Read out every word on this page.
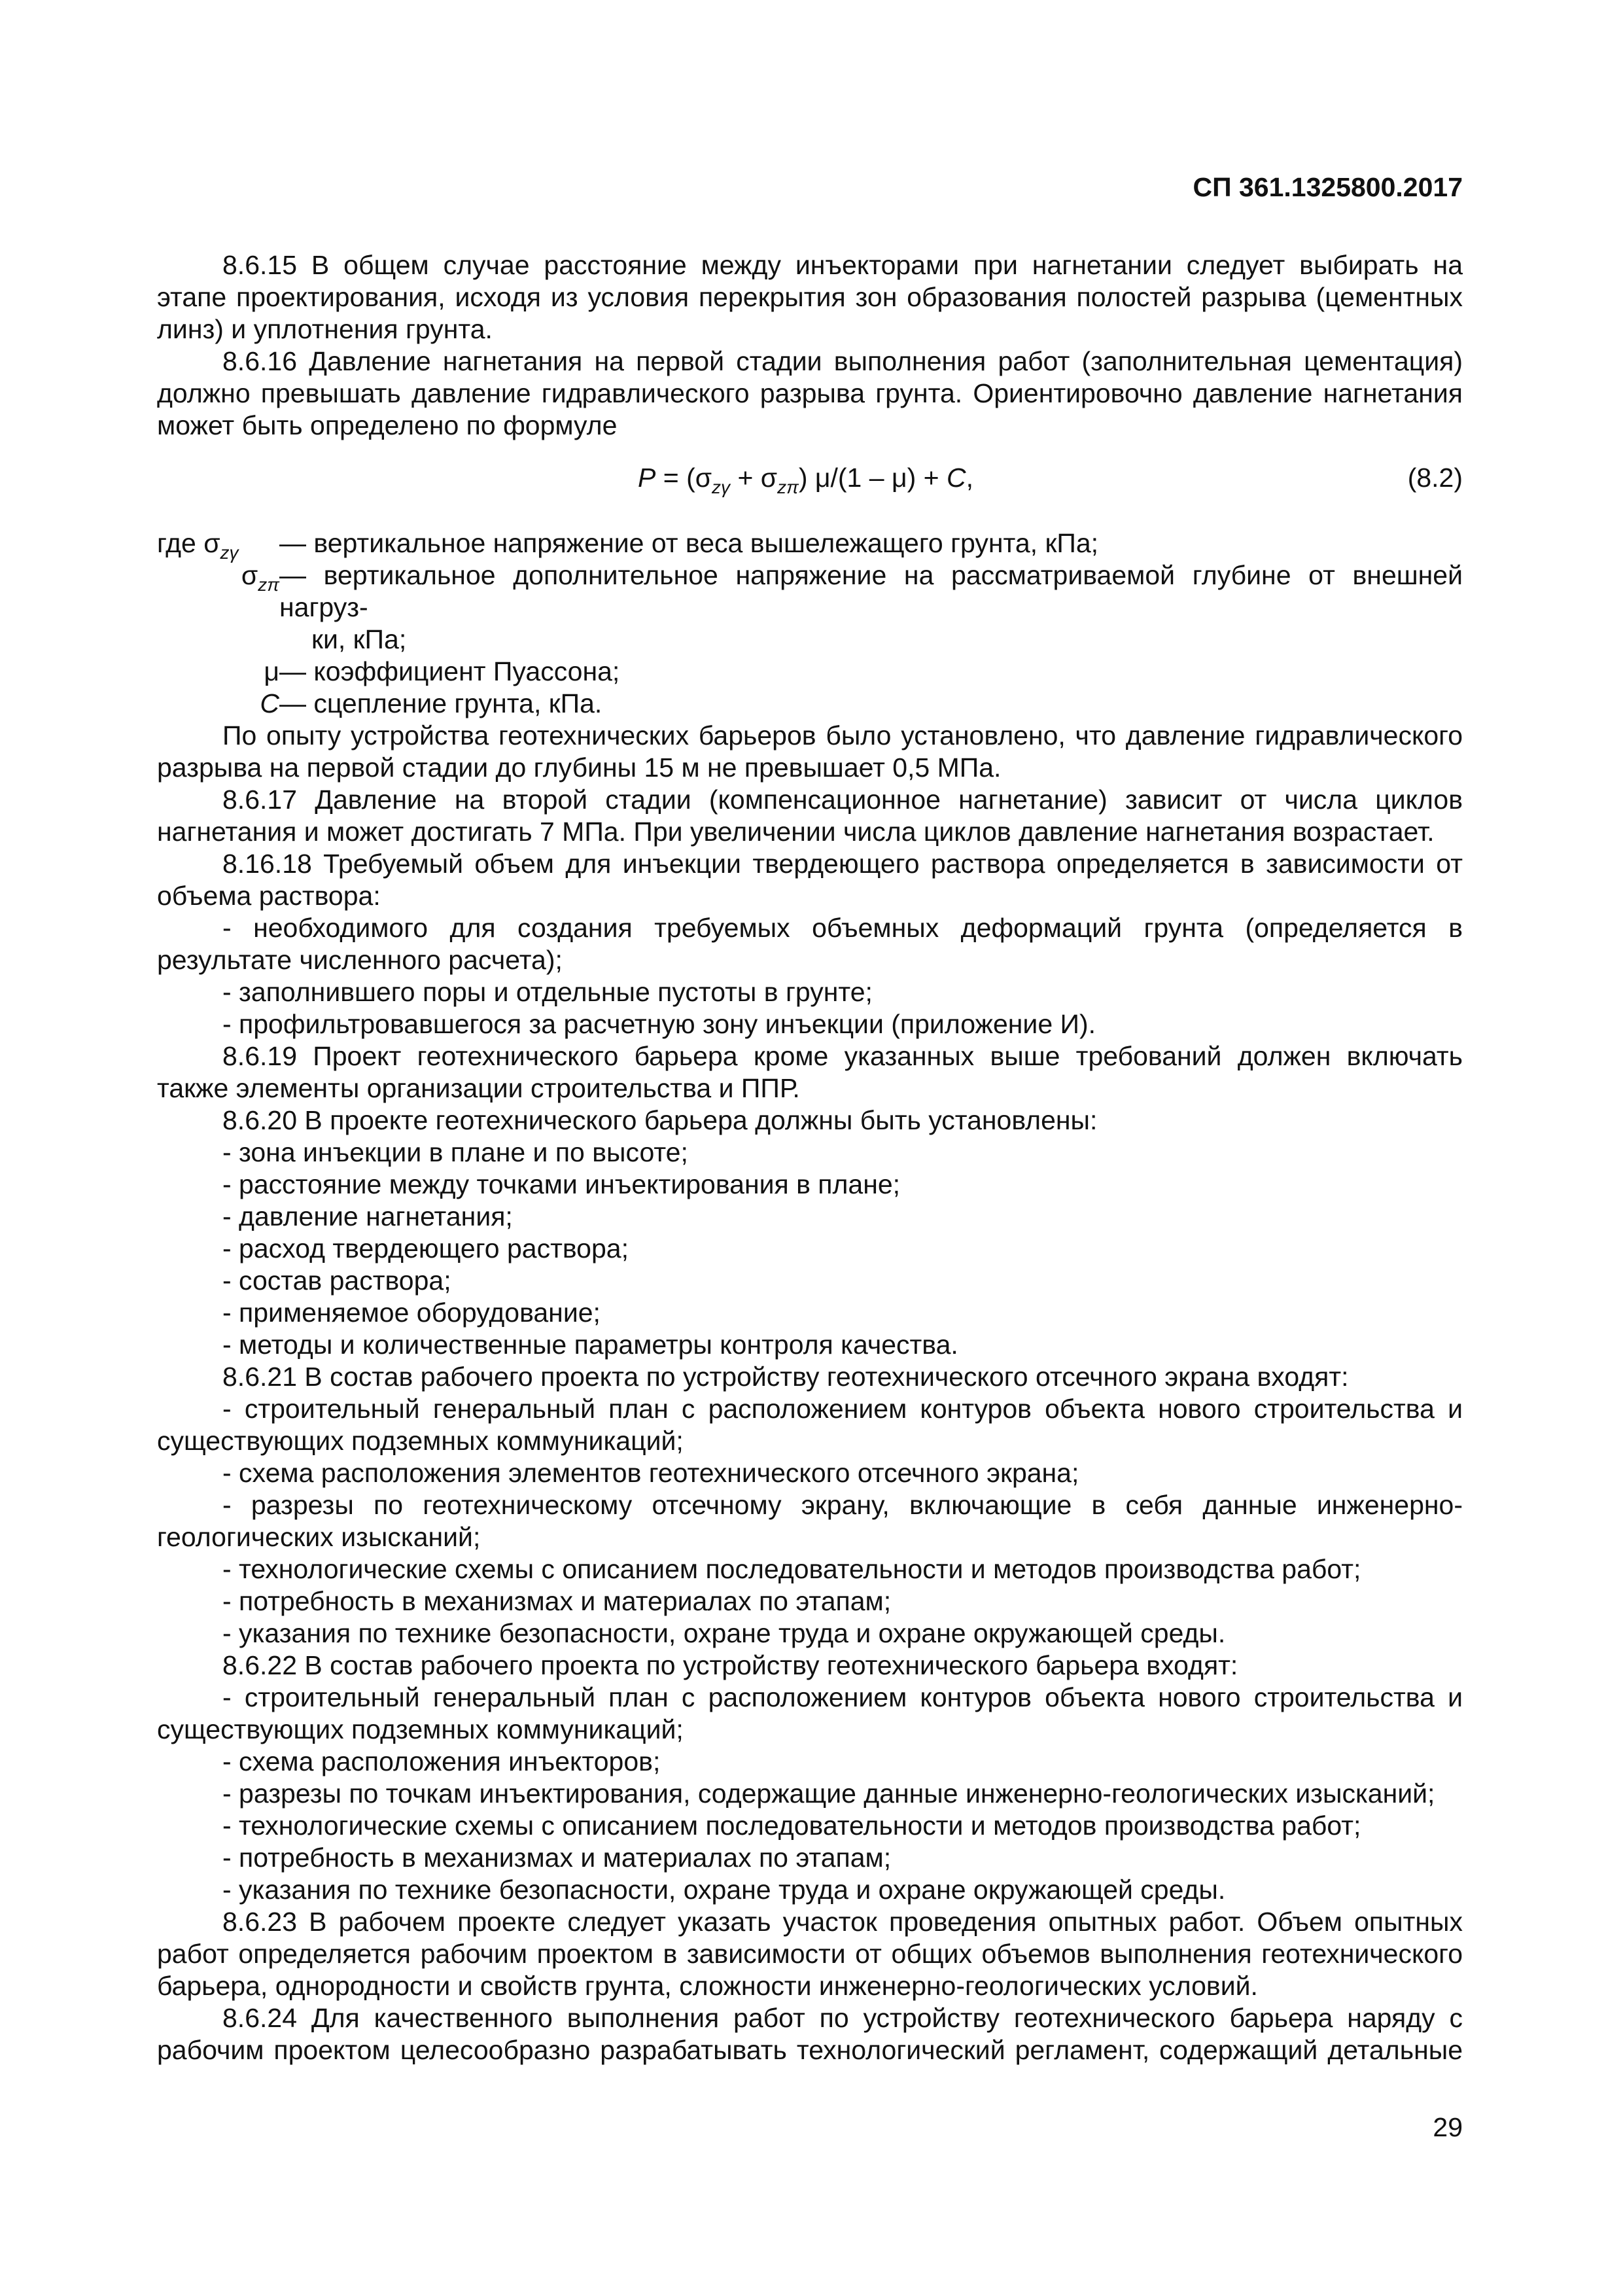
СП 361.1325800.2017

8.6.15 В общем случае расстояние между инъекторами при нагнетании следует выбирать на этапе проектирования, исходя из условия перекрытия зон образования полостей разрыва (цементных линз) и уплотнения грунта.

8.6.16 Давление нагнетания на первой стадии выполнения работ (заполнительная цементация) должно превышать давление гидравлического разрыва грунта. Ориентировочно давление нагнетания может быть определено по формуле

$P = (\sigma_{z\gamma} + \sigma_{z\pi})$ μ/(1 – μ) + C,	(8.2)
где $\sigma_{z\gamma}$	— вертикальное напряжение от веса вышележащего грунта, кПа;
$\sigma_{z\pi}$ — вертикальное дополнительное напряжение на рассматриваемой глубине от внешней нагруз-
ки, кПа;
μ — коэффициент Пуассона;
C — сцепление грунта, кПа.

По опыту устройства геотехнических барьеров было установлено, что давление гидравлического разрыва на первой стадии до глубины 15 м не превышает 0,5 МПа.

8.6.17 Давление на второй стадии (компенсационное нагнетание) зависит от числа циклов нагнетания и может достигать 7 МПа. При увеличении числа циклов давление нагнетания возрастает.

8.16.18 Требуемый объем для инъекции твердеющего раствора определяется в зависимости от объема раствора:

- необходимого для создания требуемых объемных деформаций грунта (определяется в результате численного расчета);
- заполнившего поры и отдельные пустоты в грунте;
- профильтровавшегося за расчетную зону инъекции (приложение И).

8.6.19 Проект геотехнического барьера кроме указанных выше требований должен включать также элементы организации строительства и ППР.

8.6.20 В проекте геотехнического барьера должны быть установлены:

- зона инъекции в плане и по высоте;
- расстояние между точками инъектирования в плане;
- давление нагнетания;
- расход твердеющего раствора;
- состав раствора;
- применяемое оборудование;
- методы и количественные параметры контроля качества.

8.6.21 В состав рабочего проекта по устройству геотехнического отсечного экрана входят:

- строительный генеральный план с расположением контуров объекта нового строительства и существующих подземных коммуникаций;
- схема расположения элементов геотехнического отсечного экрана;
- разрезы по геотехническому отсечному экрану, включающие в себя данные инженерно-геологических изысканий;
- технологические схемы с описанием последовательности и методов производства работ;
- потребность в механизмах и материалах по этапам;
- указания по технике безопасности, охране труда и охране окружающей среды.

8.6.22 В состав рабочего проекта по устройству геотехнического барьера входят:

- строительный генеральный план с расположением контуров объекта нового строительства и существующих подземных коммуникаций;
- схема расположения инъекторов;
- разрезы по точкам инъектирования, содержащие данные инженерно-геологических изысканий;
- технологические схемы с описанием последовательности и методов производства работ;
- потребность в механизмах и материалах по этапам;
- указания по технике безопасности, охране труда и охране окружающей среды.

8.6.23 В рабочем проекте следует указать участок проведения опытных работ. Объем опытных работ определяется рабочим проектом в зависимости от общих объемов выполнения геотехнического барьера, однородности и свойств грунта, сложности инженерно-геологических условий.

8.6.24 Для качественного выполнения работ по устройству геотехнического барьера наряду с рабочим проектом целесообразно разрабатывать технологический регламент, содержащий детальные

29
